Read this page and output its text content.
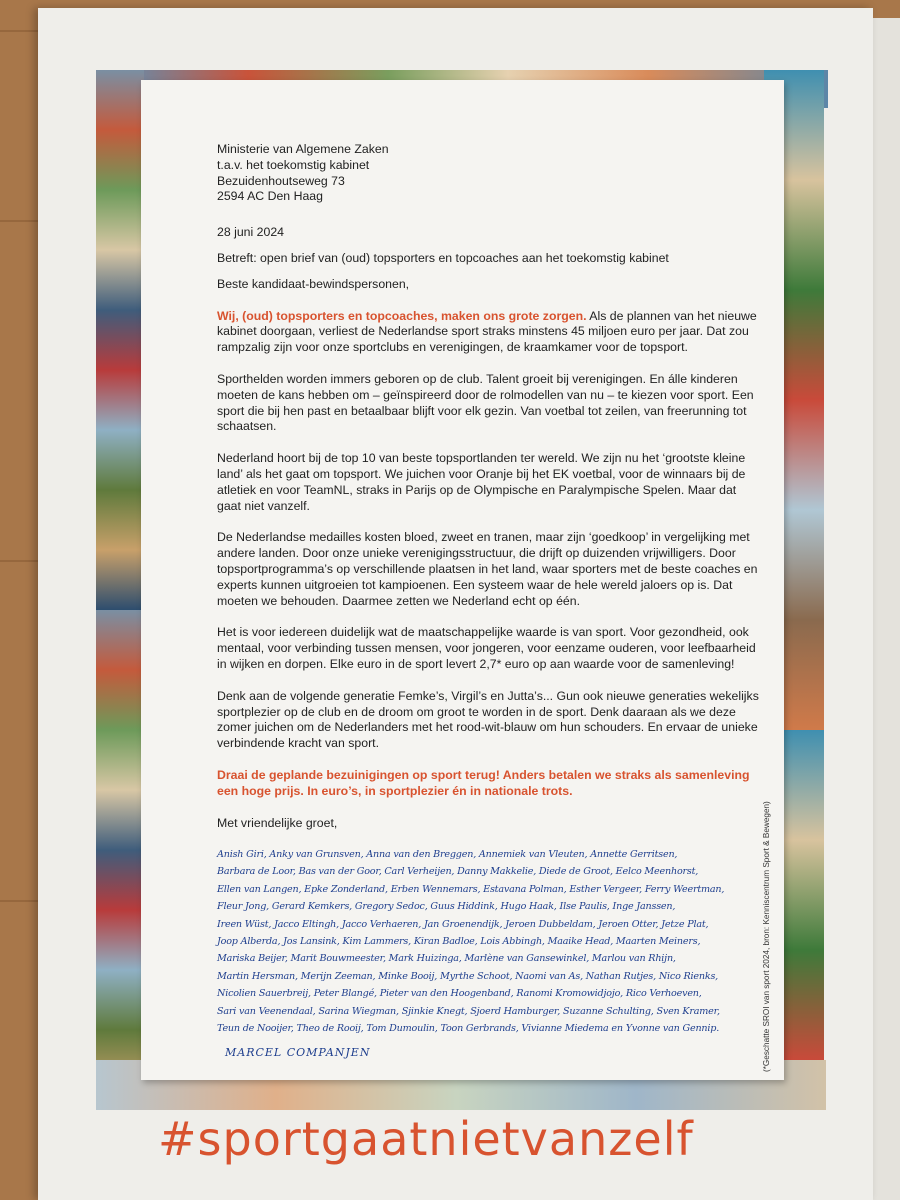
Ministerie van Algemene Zaken
t.a.v. het toekomstig kabinet
Bezuidenhoutseweg 73
2594 AC Den Haag

28 juni 2024

Betreft: open brief van (oud) topsporters en topcoaches aan het toekomstig kabinet

Beste kandidaat-bewindspersonen,

Wij, (oud) topsporters en topcoaches, maken ons grote zorgen. Als de plannen van het nieuwe kabinet doorgaan, verliest de Nederlandse sport straks minstens 45 miljoen euro per jaar. Dat zou rampzalig zijn voor onze sportclubs en verenigingen, de kraamkamer voor de topsport.

Sporthelden worden immers geboren op de club. Talent groeit bij verenigingen. En álle kinderen moeten de kans hebben om – geïnspireerd door de rolmodellen van nu – te kiezen voor sport. Een sport die bij hen past en betaalbaar blijft voor elk gezin. Van voetbal tot zeilen, van freerunning tot schaatsen.

Nederland hoort bij de top 10 van beste topsportlanden ter wereld. We zijn nu het ‘grootste kleine land’ als het gaat om topsport. We juichen voor Oranje bij het EK voetbal, voor de winnaars bij de atletiek en voor TeamNL, straks in Parijs op de Olympische en Paralympische Spelen. Maar dat gaat niet vanzelf.

De Nederlandse medailles kosten bloed, zweet en tranen, maar zijn ‘goedkoop’ in vergelijking met andere landen. Door onze unieke verenigingsstructuur, die drijft op duizenden vrijwilligers. Door topsportprogramma’s op verschillende plaatsen in het land, waar sporters met de beste coaches en experts kunnen uitgroeien tot kampioenen. Een systeem waar de hele wereld jaloers op is. Dat moeten we behouden. Daarmee zetten we Nederland echt op één.

Het is voor iedereen duidelijk wat de maatschappelijke waarde is van sport. Voor gezondheid, ook mentaal, voor verbinding tussen mensen, voor jongeren, voor eenzame ouderen, voor leefbaarheid in wijken en dorpen. Elke euro in de sport levert 2,7* euro op aan waarde voor de samenleving!

Denk aan de volgende generatie Femke’s, Virgil’s en Jutta’s... Gun ook nieuwe generaties wekelijks sportplezier op de club en de droom om groot te worden in de sport. Denk daaraan als we deze zomer juichen om de Nederlanders met het rood-wit-blauw om hun schouders. En ervaar de unieke verbindende kracht van sport.

Draai de geplande bezuinigingen op sport terug! Anders betalen we straks als samenleving een hoge prijs. In euro’s, in sportplezier én in nationale trots.

Met vriendelijke groet,

Anish Giri, Anky van Grunsven, Anna van den Breggen, Annemiek van Vleuten, Annette Gerritsen,
Barbara de Loor, Bas van der Goor, Carl Verheijen, Danny Makkelie, Diede de Groot, Eelco Meenhorst,
Ellen van Langen, Epke Zonderland, Erben Wennemars, Estavana Polman, Esther Vergeer, Ferry Weertman,
Fleur Jong, Gerard Kemkers, Gregory Sedoc, Guus Hiddink, Hugo Haak, Ilse Paulis, Inge Janssen,
Ireen Wüst, Jacco Eltingh, Jacco Verhaeren, Jan Groenendijk, Jeroen Dubbeldam, Jeroen Otter, Jetze Plat,
Joop Alberda, Jos Lansink, Kim Lammers, Kiran Badloe, Lois Abbingh, Maaike Head, Maarten Meiners,
Mariska Beijer, Marit Bouwmeester, Mark Huizinga, Marlène van Gansewinkel, Marlou van Rhijn,
Martin Hersman, Merijn Zeeman, Minke Booij, Myrthe Schoot, Naomi van As, Nathan Rutjes, Nico Rienks,
Nicolien Sauerbreij, Peter Blangé, Pieter van den Hoogenband, Ranomi Kromowidjojo, Rico Verhoeven,
Sari van Veenendaal, Sarina Wiegman, Sjinkie Knegt, Sjoerd Hamburger, Suzanne Schulting, Sven Kramer,
Teun de Nooijer, Theo de Rooij, Tom Dumoulin, Toon Gerbrands, Vivianne Miedema en Yvonne van Gennip.
MARCEL COMPANJEN	(*Geschatte SROI van sport 2024, bron: Kenniscentrum Sport & Bewegen)
#sportgaatnietvanzelf
